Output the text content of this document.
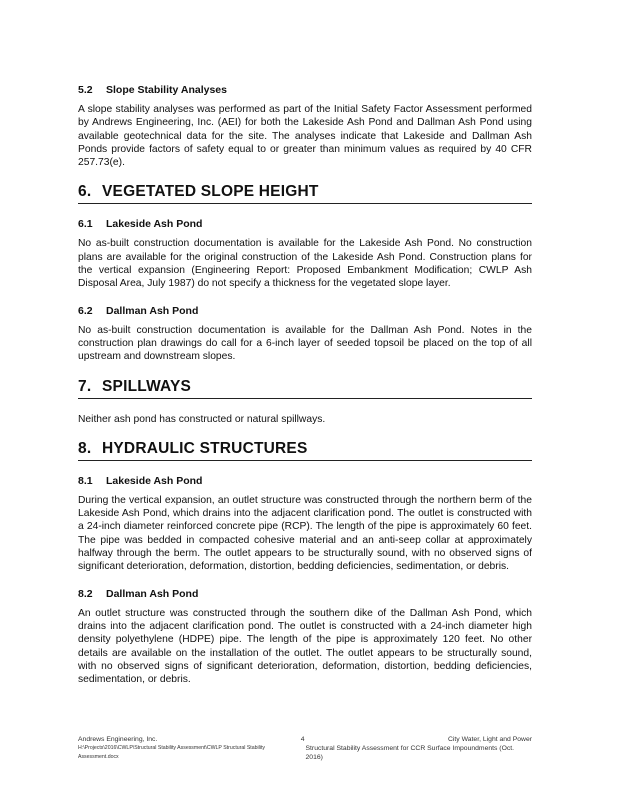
5.2 Slope Stability Analyses

A slope stability analyses was performed as part of the Initial Safety Factor Assessment performed by Andrews Engineering, Inc. (AEI) for both the Lakeside Ash Pond and Dallman Ash Pond using available geotechnical data for the site. The analyses indicate that Lakeside and Dallman Ash Ponds provide factors of safety equal to or greater than minimum values as required by 40 CFR 257.73(e).

6. VEGETATED SLOPE HEIGHT
6.1 Lakeside Ash Pond

No as-built construction documentation is available for the Lakeside Ash Pond. No construction plans are available for the original construction of the Lakeside Ash Pond. Construction plans for the vertical expansion (Engineering Report: Proposed Embankment Modification; CWLP Ash Disposal Area, July 1987) do not specify a thickness for the vegetated slope layer.

6.2 Dallman Ash Pond

No as-built construction documentation is available for the Dallman Ash Pond. Notes in the construction plan drawings do call for a 6-inch layer of seeded topsoil be placed on the top of all upstream and downstream slopes.

7. SPILLWAYS

Neither ash pond has constructed or natural spillways.

8. HYDRAULIC STRUCTURES
8.1 Lakeside Ash Pond

During the vertical expansion, an outlet structure was constructed through the northern berm of the Lakeside Ash Pond, which drains into the adjacent clarification pond. The outlet is constructed with a 24-inch diameter reinforced concrete pipe (RCP). The length of the pipe is approximately 60 feet. The pipe was bedded in compacted cohesive material and an anti-seep collar at approximately halfway through the berm. The outlet appears to be structurally sound, with no observed signs of significant deterioration, deformation, distortion, bedding deficiencies, sedimentation, or debris.

8.2 Dallman Ash Pond

An outlet structure was constructed through the southern dike of the Dallman Ash Pond, which drains into the adjacent clarification pond. The outlet is constructed with a 24-inch diameter high density polyethylene (HDPE) pipe. The length of the pipe is approximately 120 feet. No other details are available on the installation of the outlet. The outlet appears to be structurally sound, with no observed signs of significant deterioration, deformation, distortion, bedding deficiencies, sedimentation, or debris.

Andrews Engineering, Inc.	4	City Water, Light and Power
H:\Projects\2016\CWLP\Structural Stability Assessment\CWLP Structural Stability Assessment.docx
Structural Stability Assessment for CCR Surface Impoundments (Oct. 2016)
